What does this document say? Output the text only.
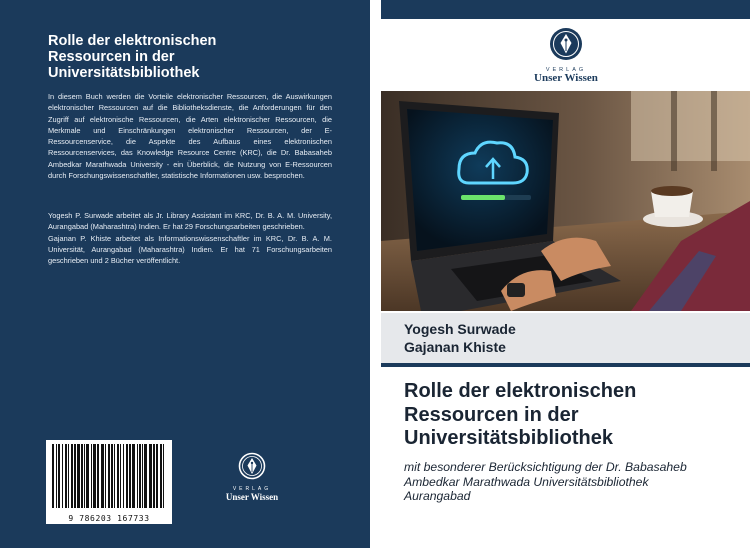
Rolle der elektronischen
Ressourcen in der
Universitätsbibliothek

In diesem Buch werden die Vorteile elektronischer Ressourcen, die Auswirkungen elektronischer Ressourcen auf die Bibliotheksdienste, die Anforderungen für den Zugriff auf elektronische Ressourcen, die Arten elektronischer Ressourcen, die Merkmale und Einschränkungen elektronischer Ressourcen, der E-Ressourcenservice, die Aspekte des Aufbaus eines elektronischen Ressourcenservices, das Knowledge Resource Centre (KRC), die Dr. Babasaheb Ambedkar Marathwada University - ein Überblick, die Nutzung von E-Ressourcen durch Forschungswissenschaftler, statistische Informationen usw. besprochen.

Yogesh P. Surwade arbeitet als Jr. Library Assistant im KRC, Dr. B. A. M. University, Aurangabad (Maharashtra) Indien. Er hat 29 Forschungsarbeiten geschrieben.

Gajanan P. Khiste arbeitet als Informationswissenschaftler im KRC, Dr. B. A. M. Universität, Aurangabad (Maharashtra) Indien. Er hat 71 Forschungsarbeiten geschrieben und 2 Bücher veröffentlicht.

9 786203 167733
VERLAG
Unser Wissen
VERLAG
Unser Wissen
Yogesh Surwade
Gajanan Khiste
Rolle der elektronischen
Ressourcen in der
Universitätsbibliothek
mit besonderer Berücksichtigung der Dr. Babasaheb
Ambedkar Marathwada Universitätsbibliothek
Aurangabad
